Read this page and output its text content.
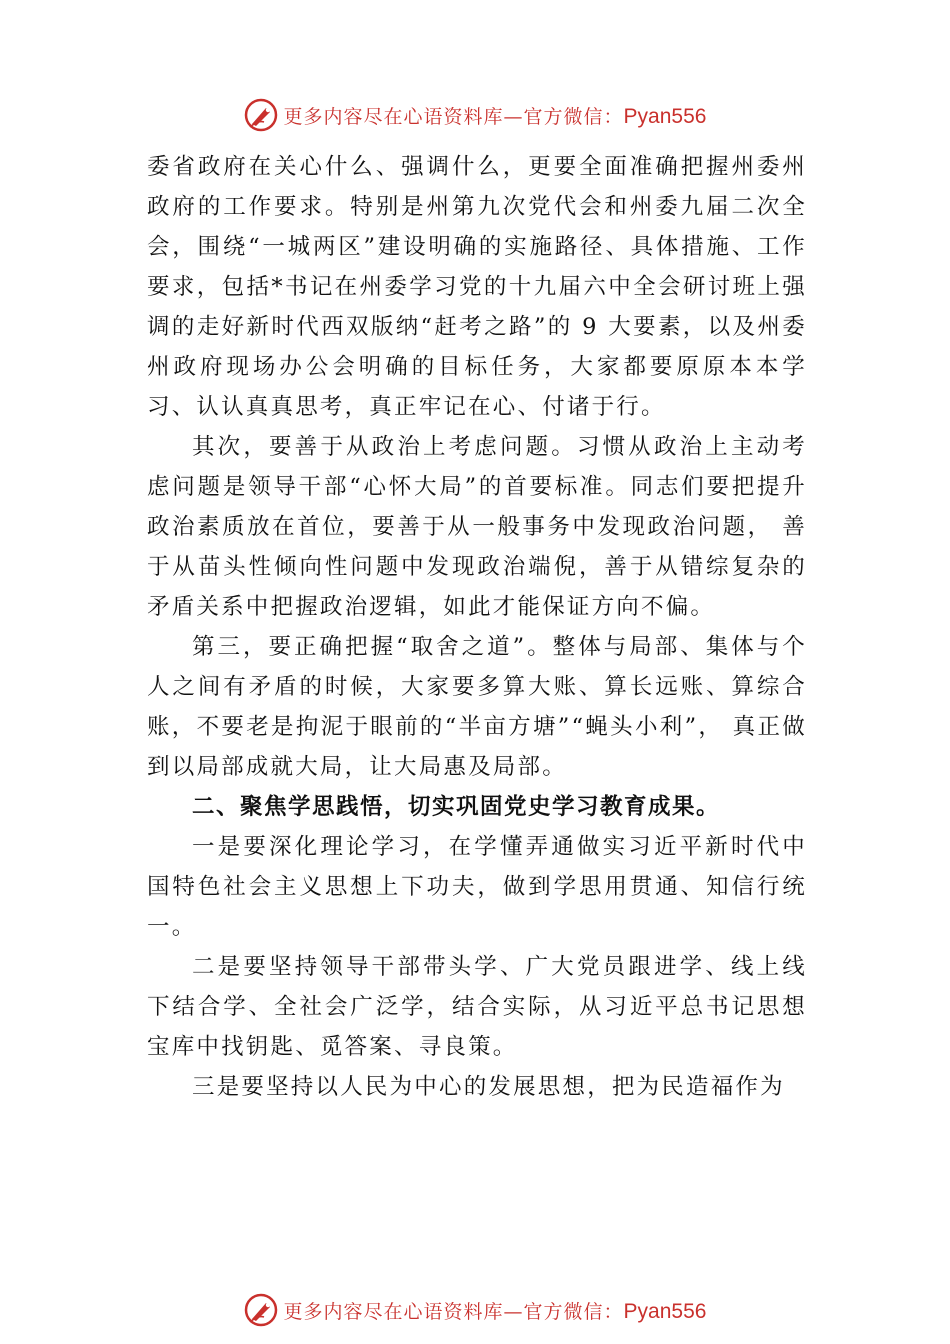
更多内容尽在心语资料库—官方微信：Pyan556

委省政府在关心什么、强调什么，更要全面准确把握州委州政府的工作要求。特别是州第九次党代会和州委九届二次全会，围绕“一城两区”建设明确的实施路径、具体措施、工作要求，包括*书记在州委学习党的十九届六中全会研讨班上强调的走好新时代西双版纳“赶考之路”的 9 大要素，以及州委州政府现场办公会明确的目标任务，大家都要原原本本学习、认认真真思考，真正牢记在心、付诸于行。

其次，要善于从政治上考虑问题。习惯从政治上主动考虑问题是领导干部“心怀大局”的首要标准。同志们要把提升政治素质放在首位，要善于从一般事务中发现政治问题， 善于从苗头性倾向性问题中发现政治端倪，善于从错综复杂的矛盾关系中把握政治逻辑，如此才能保证方向不偏。

第三，要正确把握“取舍之道”。整体与局部、集体与个人之间有矛盾的时候，大家要多算大账、算长远账、算综合账，不要老是拘泥于眼前的“半亩方塘”“蝇头小利”， 真正做到以局部成就大局，让大局惠及局部。

二、聚焦学思践悟，切实巩固党史学习教育成果。

一是要深化理论学习，在学懂弄通做实习近平新时代中国特色社会主义思想上下功夫，做到学思用贯通、知信行统一。

二是要坚持领导干部带头学、广大党员跟进学、线上线下结合学、全社会广泛学，结合实际，从习近平总书记思想宝库中找钥匙、觅答案、寻良策。

三是要坚持以人民为中心的发展思想，把为民造福作为

更多内容尽在心语资料库—官方微信：Pyan556
